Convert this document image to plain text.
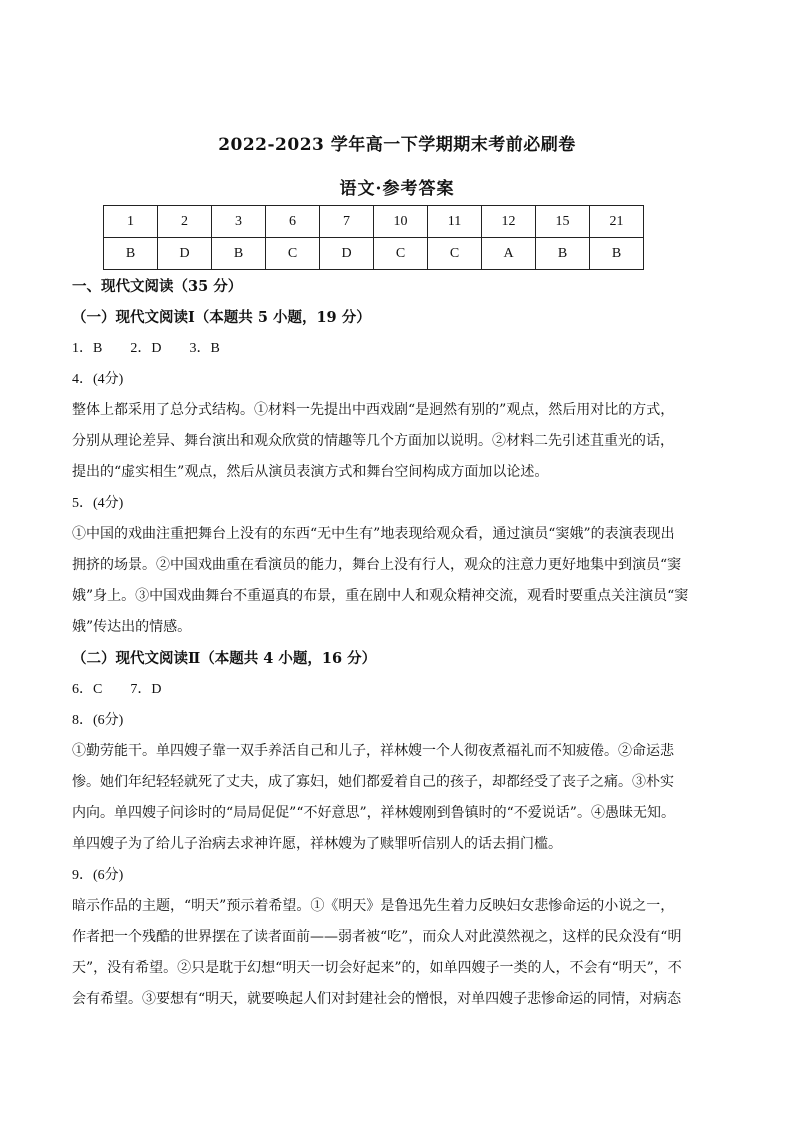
2022-2023 学年高一下学期期末考前必刷卷
语文·参考答案
1	2	3	6	7	10	11	12	15	21
B	D	B	C	D	C	C	A	B	B

一、现代文阅读（35 分）

（一）现代文阅读Ⅰ（本题共 5 小题，19 分）

1．B　　2．D　　3．B

4．(4分)

整体上都采用了总分式结构。①材料一先提出中西戏剧“是迥然有别的”观点，然后用对比的方式，

分别从理论差异、舞台演出和观众欣赏的情趣等几个方面加以说明。②材料二先引述苴重光的话，

提出的“虚实相生”观点，然后从演员表演方式和舞台空间构成方面加以论述。

5．(4分)

①中国的戏曲注重把舞台上没有的东西“无中生有”地表现给观众看，通过演员“窦娥”的表演表现出

拥挤的场景。②中国戏曲重在看演员的能力，舞台上没有行人，观众的注意力更好地集中到演员“窦

娥”身上。③中国戏曲舞台不重逼真的布景，重在剧中人和观众精神交流，观看时要重点关注演员“窦

娥”传达出的情感。

（二）现代文阅读Ⅱ（本题共 4 小题，16 分）

6．C　　7．D

8．(6分)

①勤劳能干。单四嫂子靠一双手养活自己和儿子，祥林嫂一个人彻夜煮福礼而不知疲倦。②命运悲

惨。她们年纪轻轻就死了丈夫，成了寡妇，她们都爱着自己的孩子，却都经受了丧子之痛。③朴实

内向。单四嫂子问诊时的“局局促促”“不好意思”，祥林嫂刚到鲁镇时的“不爱说话”。④愚昧无知。

单四嫂子为了给儿子治病去求神许愿，祥林嫂为了赎罪听信别人的话去捐门槛。

9．(6分)

暗示作品的主题，“明天”预示着希望。①《明天》是鲁迅先生着力反映妇女悲惨命运的小说之一，

作者把一个残酷的世界摆在了读者面前——弱者被“吃”，而众人对此漠然视之，这样的民众没有“明

天”，没有希望。②只是耽于幻想“明天一切会好起来”的，如单四嫂子一类的人，不会有“明天”，不

会有希望。③要想有“明天，就要唤起人们对封建社会的憎恨，对单四嫂子悲惨命运的同情，对病态
